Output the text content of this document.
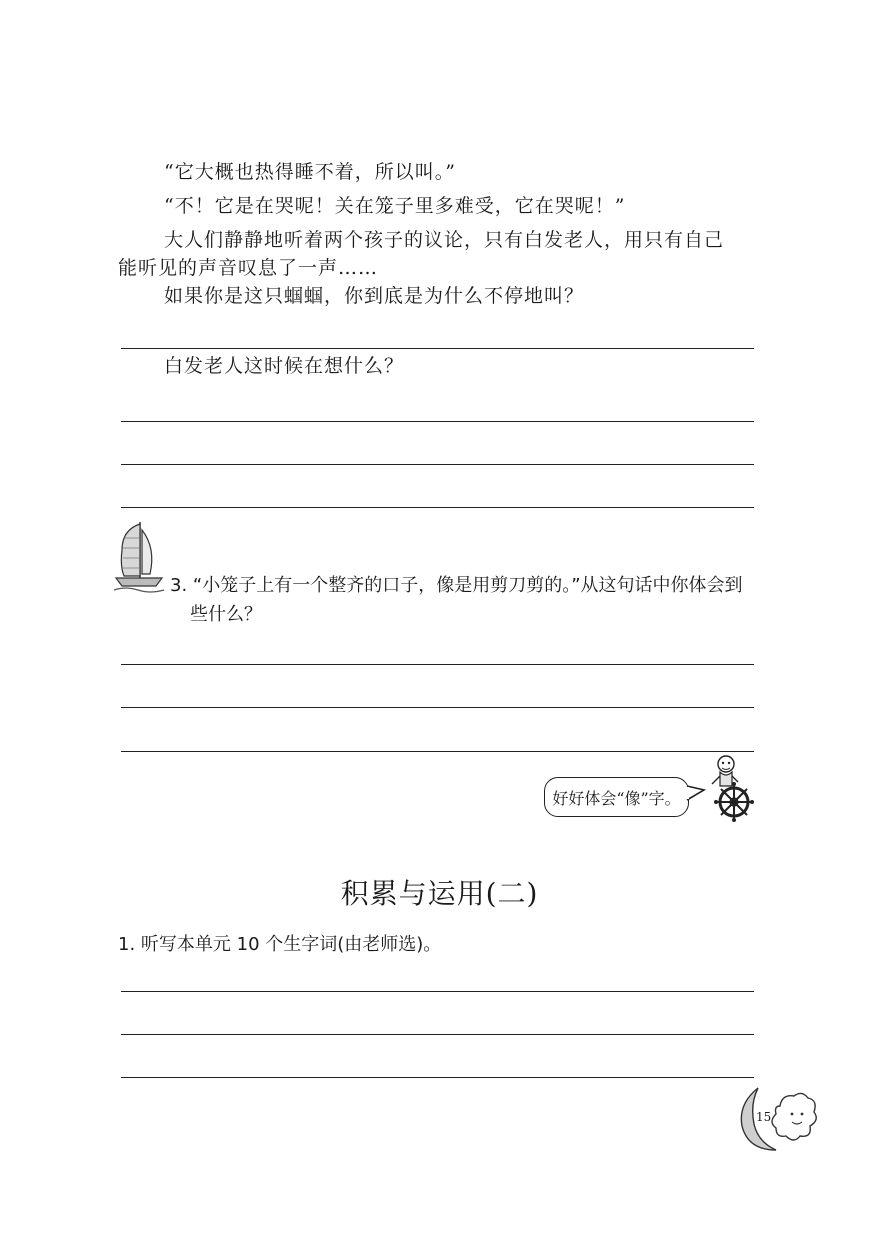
“它大概也热得睡不着，所以叫。”
“不！它是在哭呢！关在笼子里多难受，它在哭呢！”
大人们静静地听着两个孩子的议论，只有白发老人，用只有自己
能听见的声音叹息了一声……
如果你是这只蝈蝈，你到底是为什么不停地叫？
白发老人这时候在想什么？
3. “小笼子上有一个整齐的口子，像是用剪刀剪的。”从这句话中你体会到
些什么？
好好体会“像”字。
积累与运用(二)
1. 听写本单元 10 个生字词(由老师选)。
15
